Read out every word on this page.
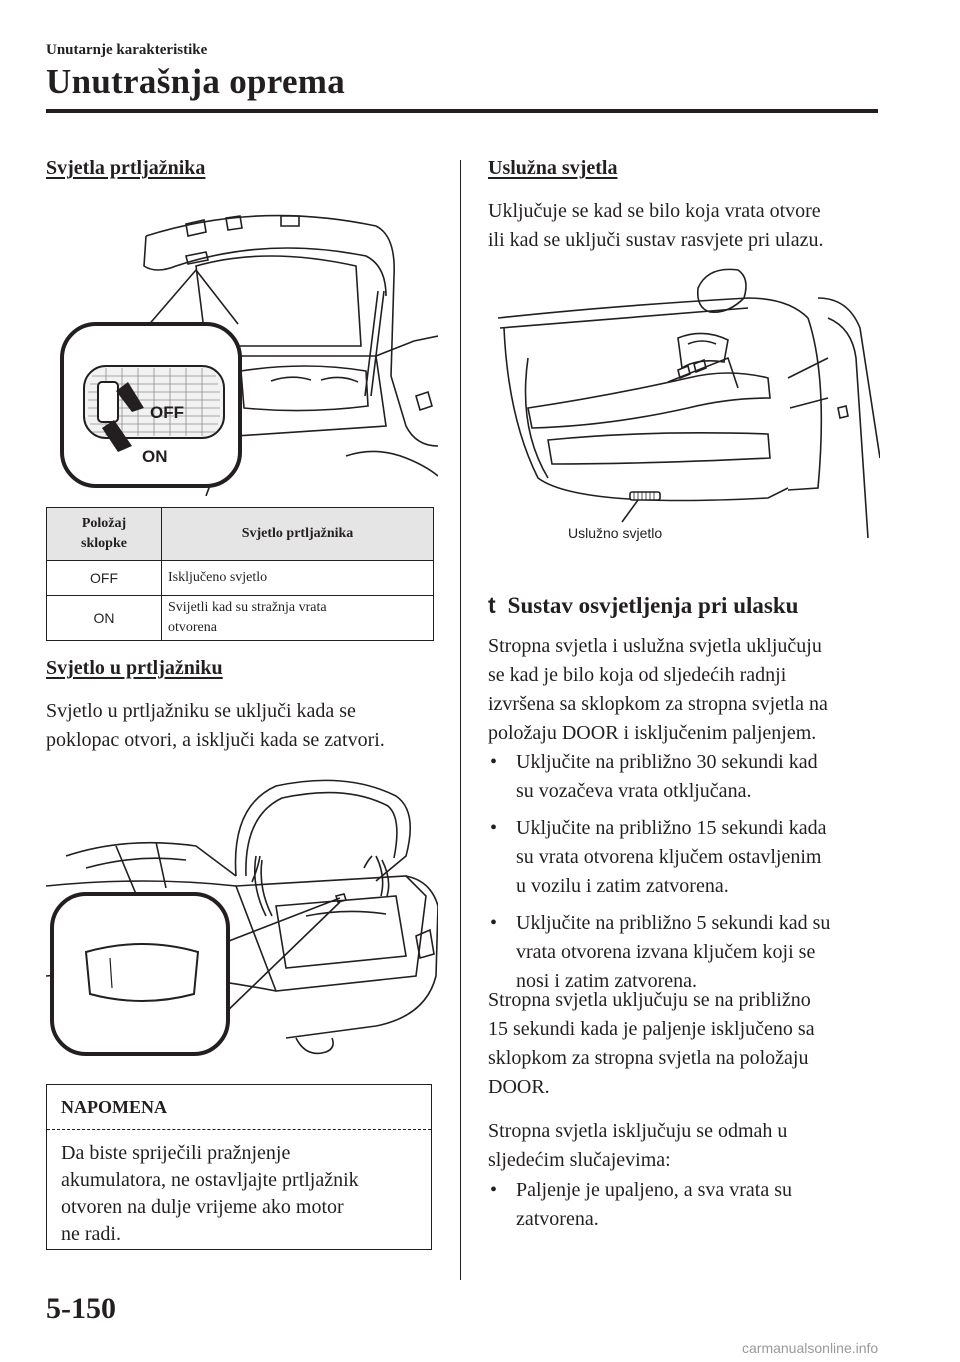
Unutarnje karakteristike
Unutrašnja oprema
Svjetla prtljažnika
OFF
ON
Položaj
sklopke	Svjetlo prtljažnika
OFF	Isključeno svjetlo

ON	Svijetli kad su stražnja vrata
otvorena
Svjetlo u prtljažniku

Svjetlo u prtljažniku se uključi kada se

poklopac otvori, a isključi kada se zatvori.

NAPOMENA
Da biste spriječili pražnjenje
akumulatora, ne ostavljajte prtljažnik
otvoren na dulje vrijeme ako motor
ne radi.
Uslužna svjetla

Uključuje se kad se bilo koja vrata otvore

ili kad se uključi sustav rasvjete pri ulazu.

Uslužno svjetlo
t Sustav osvjetljenja pri ulasku

Stropna svjetla i uslužna svjetla uključuju

se kad je bilo koja od sljedećih radnji

izvršena sa sklopkom za stropna svjetla na

položaju DOOR i isključenim paljenjem.

• Uključite na približno 30 sekundi kad
su vozačeva vrata otključana.
• Uključite na približno 15 sekundi kada
su vrata otvorena ključem ostavljenim
u vozilu i zatim zatvorena.
• Uključite na približno 5 sekundi kad su
vrata otvorena izvana ključem koji se
nosi i zatim zatvorena.

Stropna svjetla uključuju se na približno

15 sekundi kada je paljenje isključeno sa

sklopkom za stropna svjetla na položaju

DOOR.

Stropna svjetla isključuju se odmah u

sljedećim slučajevima:

• Paljenje je upaljeno, a sva vrata su
zatvorena.
5-150
carmanualsonline.info
